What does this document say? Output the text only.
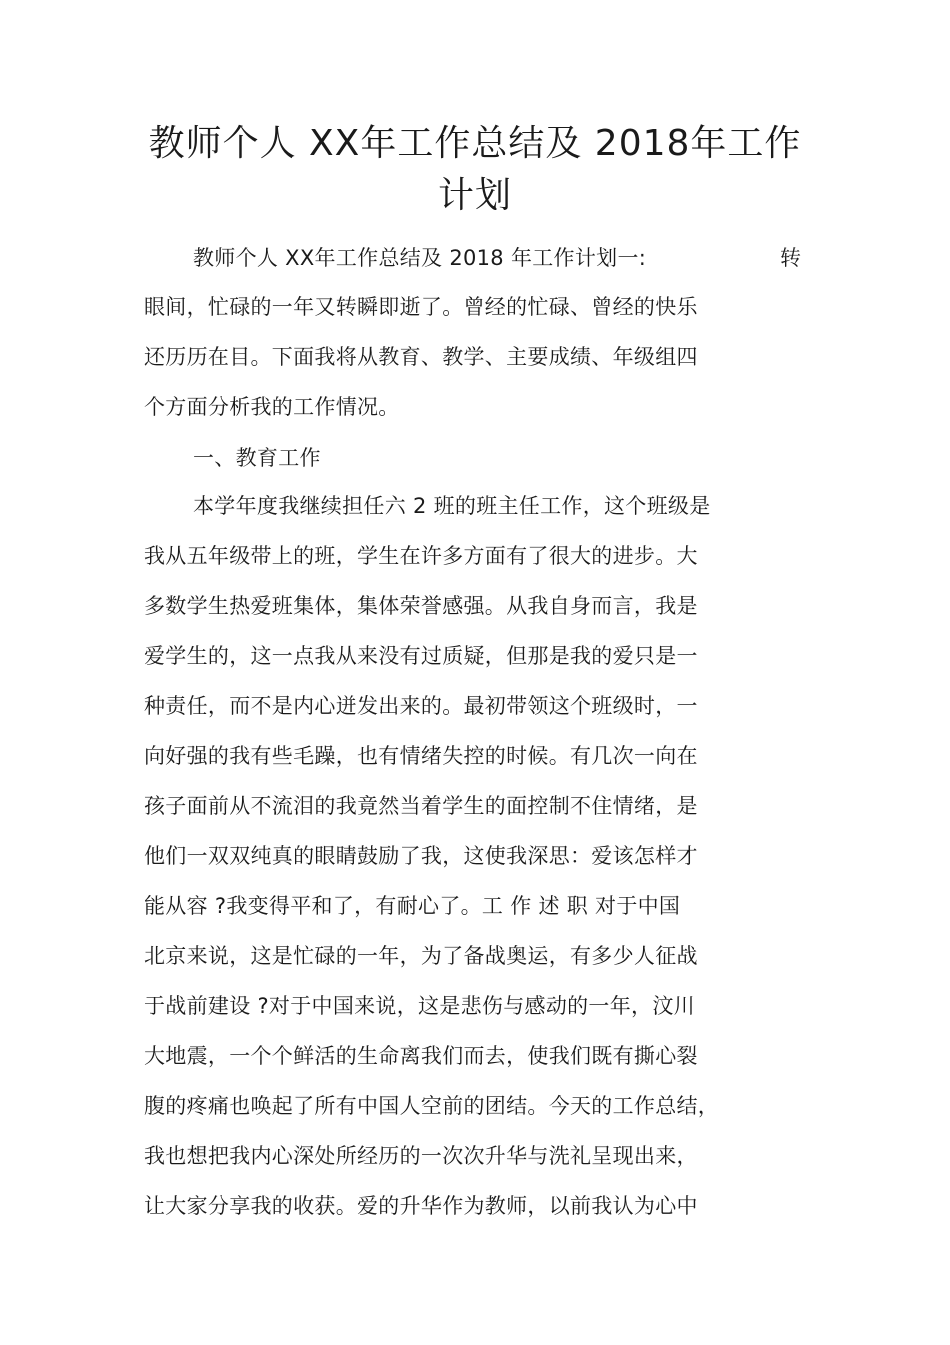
教师个人 XX年工作总结及 2018年工作
计划
教师个人 XX年工作总结及 2018 年工作计划一:	转
眼间，忙碌的一年又转瞬即逝了。曾经的忙碌、曾经的快乐
还历历在目。下面我将从教育、教学、主要成绩、年级组四
个方面分析我的工作情况。
一、教育工作
本学年度我继续担任六 2 班的班主任工作，这个班级是
我从五年级带上的班，学生在许多方面有了很大的进步。大
多数学生热爱班集体，集体荣誉感强。从我自身而言，我是
爱学生的，这一点我从来没有过质疑，但那是我的爱只是一
种责任，而不是内心迸发出来的。最初带领这个班级时，一
向好强的我有些毛躁，也有情绪失控的时候。有几次一向在
孩子面前从不流泪的我竟然当着学生的面控制不住情绪，是
他们一双双纯真的眼睛鼓励了我，这使我深思：爱该怎样才
能从容 ?我变得平和了，有耐心了。工 作 述 职 对于中国
北京来说，这是忙碌的一年，为了备战奥运，有多少人征战
于战前建设 ?对于中国来说，这是悲伤与感动的一年，汶川
大地震，一个个鲜活的生命离我们而去，使我们既有撕心裂
腹的疼痛也唤起了所有中国人空前的团结。今天的工作总结，
我也想把我内心深处所经历的一次次升华与洗礼呈现出来，
让大家分享我的收获。爱的升华作为教师，以前我认为心中
